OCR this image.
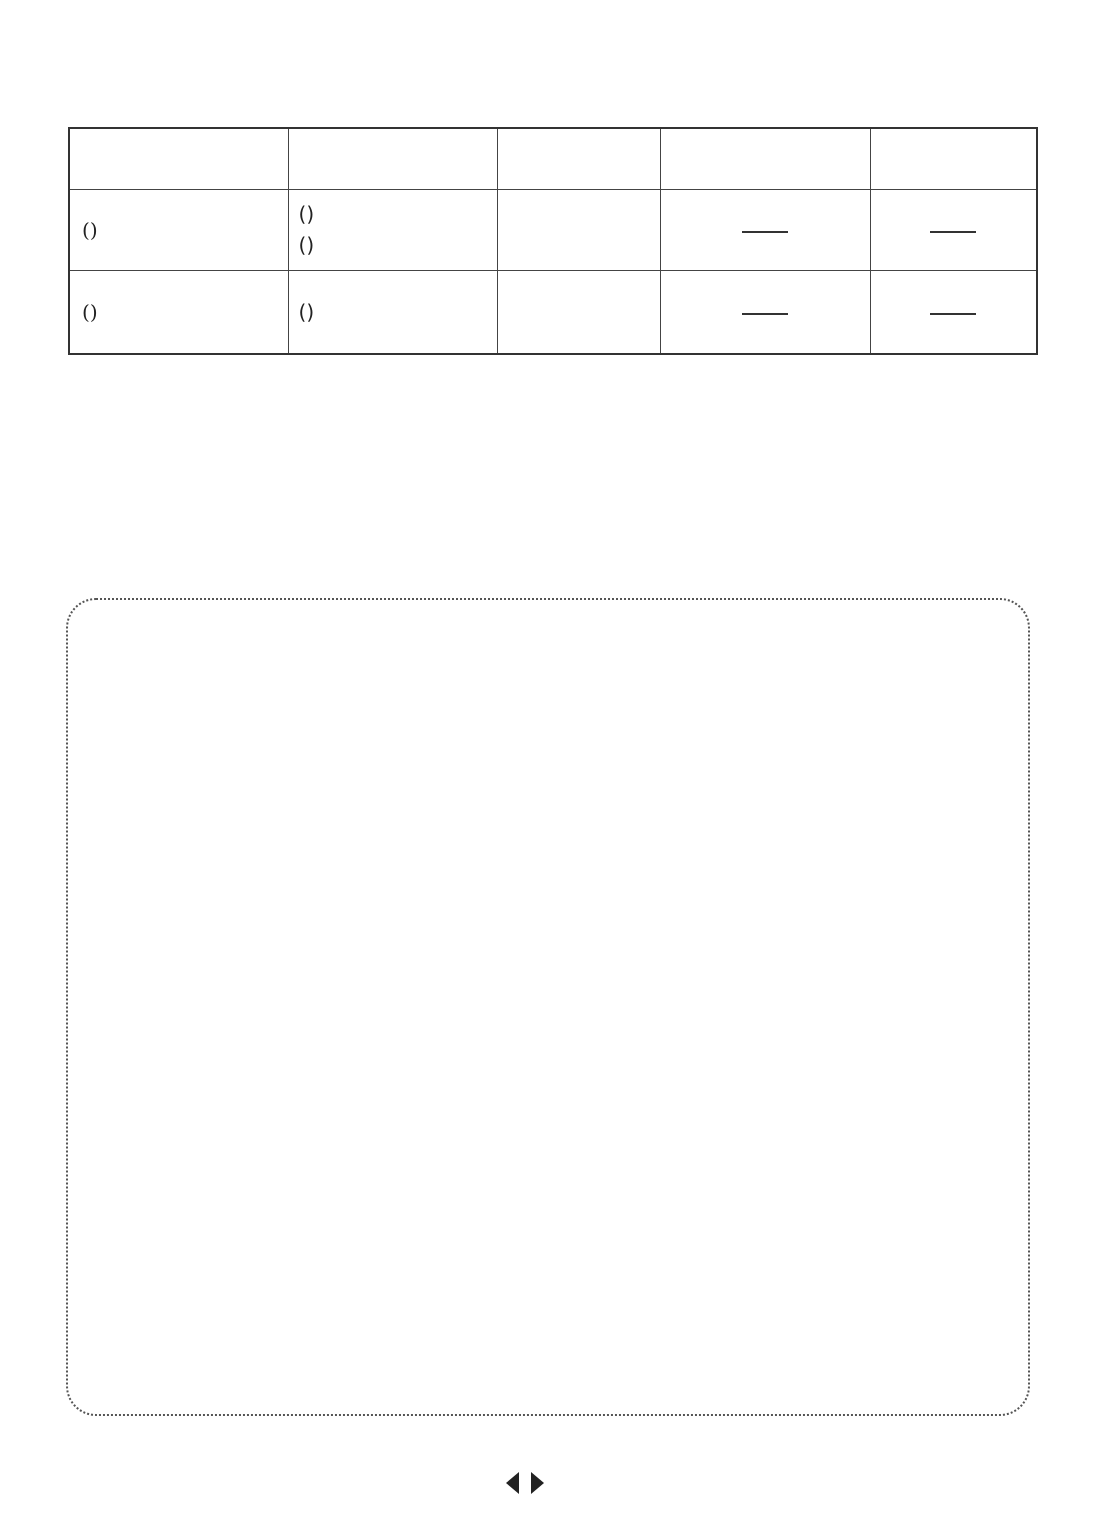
()	()
()			
()	()
